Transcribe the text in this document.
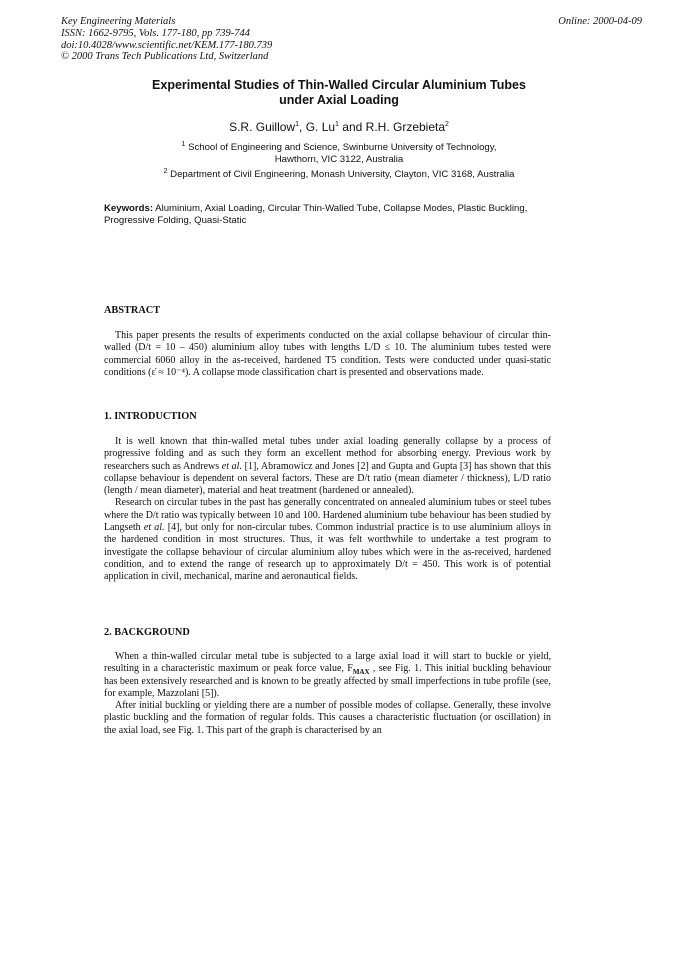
Key Engineering Materials
ISSN: 1662-9795, Vols. 177-180, pp 739-744
doi:10.4028/www.scientific.net/KEM.177-180.739
© 2000 Trans Tech Publications Ltd, Switzerland
Online: 2000-04-09
Experimental Studies of Thin-Walled Circular Aluminium Tubes
under Axial Loading
S.R. Guillow$^1$, G. Lu$^1$ and R.H. Grzebieta$^2$
$^1$ School of Engineering and Science, Swinburne University of Technology,
Hawthorn, VIC 3122, Australia
$^2$ Department of Civil Engineering, Monash University, Clayton, VIC 3168, Australia
Keywords: Aluminium, Axial Loading, Circular Thin-Walled Tube, Collapse Modes, Plastic Buckling, Progressive Folding, Quasi-Static
ABSTRACT

This paper presents the results of experiments conducted on the axial collapse behaviour of circular thin-walled (D/t = 10 – 450) aluminium alloy tubes with lengths L/D ≤ 10. The aluminium tubes tested were commercial 6060 alloy in the as-received, hardened T5 condition. Tests were conducted under quasi-static conditions (ε̇ ≈ 10⁻⁴). A collapse mode classification chart is presented and observations made.

1. INTRODUCTION

It is well known that thin-walled metal tubes under axial loading generally collapse by a process of progressive folding and as such they form an excellent method for absorbing energy. Previous work by researchers such as Andrews et al. [1], Abramowicz and Jones [2] and Gupta and Gupta [3] has shown that this collapse behaviour is dependent on several factors. These are D/t ratio (mean diameter / thickness), L/D ratio (length / mean diameter), material and heat treatment (hardened or annealed).

Research on circular tubes in the past has generally concentrated on annealed aluminium tubes or steel tubes where the D/t ratio was typically between 10 and 100. Hardened aluminium tube behaviour has been studied by Langseth et al. [4], but only for non-circular tubes. Common industrial practice is to use aluminium alloys in the hardened condition in most structures. Thus, it was felt worthwhile to undertake a test program to investigate the collapse behaviour of circular aluminium alloy tubes which were in the as-received, hardened condition, and to extend the range of research up to approximately D/t = 450. This work is of potential application in civil, mechanical, marine and aeronautical fields.

2. BACKGROUND

When a thin-walled circular metal tube is subjected to a large axial load it will start to buckle or yield, resulting in a characteristic maximum or peak force value, $F_{MAX}$ , see Fig. 1. This initial buckling behaviour has been extensively researched and is known to be greatly affected by small imperfections in tube profile (see, for example, Mazzolani [5]).

After initial buckling or yielding there are a number of possible modes of collapse. Generally, these involve plastic buckling and the formation of regular folds. This causes a characteristic fluctuation (or oscillation) in the axial load, see Fig. 1. This part of the graph is characterised by an
